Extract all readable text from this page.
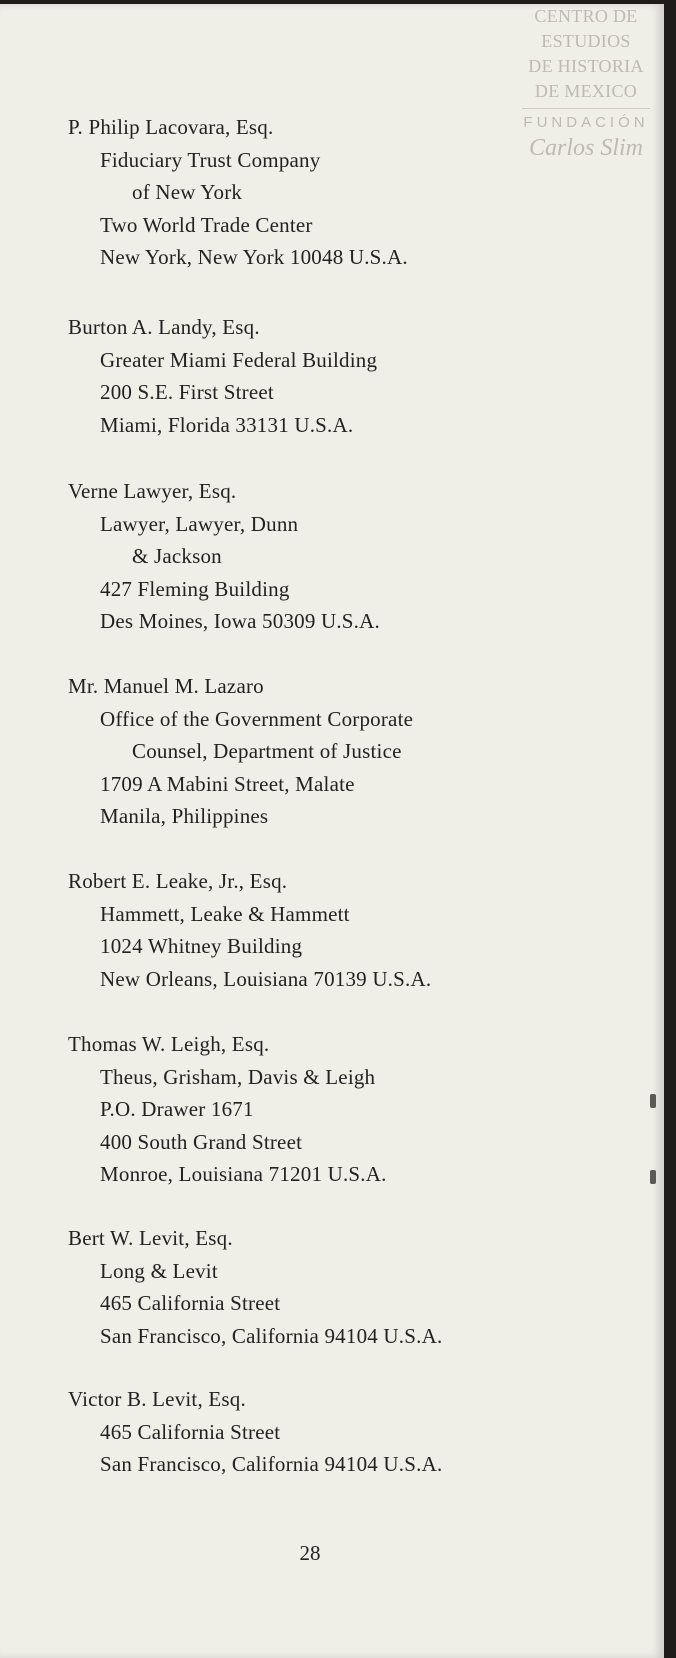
CENTRO DE
ESTUDIOS
DE HISTORIA
DE MEXICO
FUNDACIÓN
Carlos Slim
P. Philip Lacovara, Esq.
Fiduciary Trust Company
of New York
Two World Trade Center
New York, New York 10048 U.S.A.
Burton A. Landy, Esq.
Greater Miami Federal Building
200 S.E. First Street
Miami, Florida 33131 U.S.A.
Verne Lawyer, Esq.
Lawyer, Lawyer, Dunn
& Jackson
427 Fleming Building
Des Moines, Iowa 50309 U.S.A.
Mr. Manuel M. Lazaro
Office of the Government Corporate
Counsel, Department of Justice
1709 A Mabini Street, Malate
Manila, Philippines
Robert E. Leake, Jr., Esq.
Hammett, Leake & Hammett
1024 Whitney Building
New Orleans, Louisiana 70139 U.S.A.
Thomas W. Leigh, Esq.
Theus, Grisham, Davis & Leigh
P.O. Drawer 1671
400 South Grand Street
Monroe, Louisiana 71201 U.S.A.
Bert W. Levit, Esq.
Long & Levit
465 California Street
San Francisco, California 94104 U.S.A.
Victor B. Levit, Esq.
465 California Street
San Francisco, California 94104 U.S.A.
28
